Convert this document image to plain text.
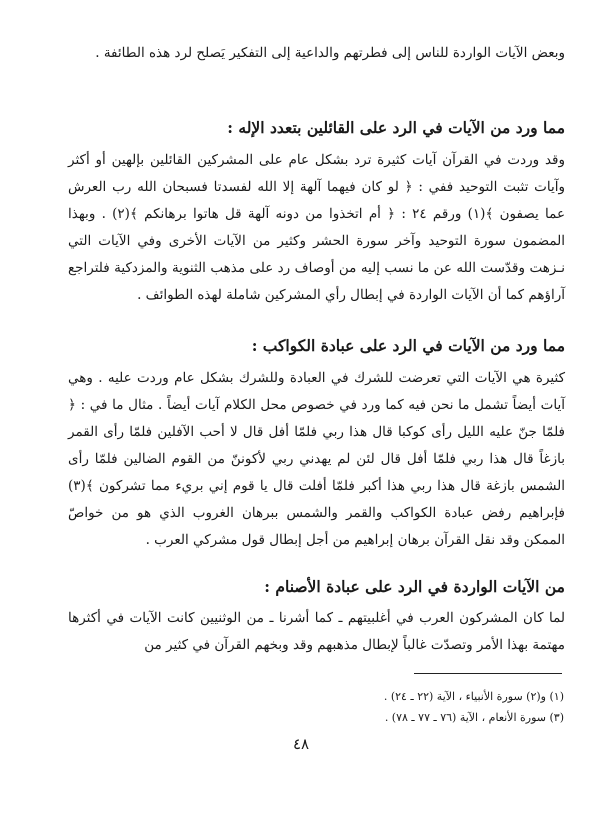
وبعض الآيات الواردة للناس إلى فطرتهم والداعية إلى التفكير يَصلح لرد هذه الطائفة .

مما ورد من الآيات في الرد على القائلين بتعدد الإله :

وقد وردت في القرآن آيات كثيرة ترد بشكل عام على المشركين القائلين بإلهين أو أكثر وآيات تثبت التوحيد ففي : ﴿ لو كان فيهما آلهة إلا الله لفسدتا فسبحان الله رب العرش عما يصفون ﴾(١) ورقم ٢٤ : ﴿ أم اتخذوا من دونه آلهة قل هاتوا برهانكم ﴾(٢) . وبهذا المضمون سورة التوحيد وآخر سورة الحشر وكثير من الآيات الأخرى وفي الآيات التي نـزهت وقدّست الله عن ما نسب إليه من أوصاف رد على مذهب الثنوية والمزدكية فلتراجع آراؤهم كما أن الآيات الواردة في إبطال رأي المشركين شاملة لهذه الطوائف .

مما ورد من الآيات في الرد على عبادة الكواكب :

كثيرة هي الآيات التي تعرضت للشرك في العبادة وللشرك بشكل عام وردت عليه . وهي آيات أيضاً تشمل ما نحن فيه كما ورد في خصوص محل الكلام آيات أيضاً . مثال ما في : ﴿ فلمّا جنّ عليه الليل رأى كوكبا قال هذا ربي فلمّا أفل قال لا أحب الآفلين فلمّا رأى القمر بازغاً قال هذا ربي فلمّا أفل قال لئن لم يهدني ربي لأكوننّ من القوم الضالين فلمّا رأى الشمس بازغة قال هذا ربي هذا أكبر فلمّا أفلت قال يا قوم إني بريء مما تشركون ﴾(٣) فإبراهيم رفض عبادة الكواكب والقمر والشمس ببرهان الغروب الذي هو من خواصّ الممكن وقد نقل القرآن برهان إبراهيم من أجل إبطال قول مشركي العرب .

من الآيات الواردة في الرد على عبادة الأصنام :

لما كان المشركون العرب في أغلبيتهم ـ كما أشرنا ـ من الوثنيين كانت الآيات في أكثرها مهتمة بهذا الأمر وتصدّت غالباً لإبطال مذهبهم وقد وبخهم القرآن في كثير من

(١) و(٢) سورة الأنبياء ، الآية (٢٢ ـ ٢٤) .

(٣) سورة الأنعام ، الآية (٧٦ ـ ٧٧ ـ ٧٨) .

٤٨
